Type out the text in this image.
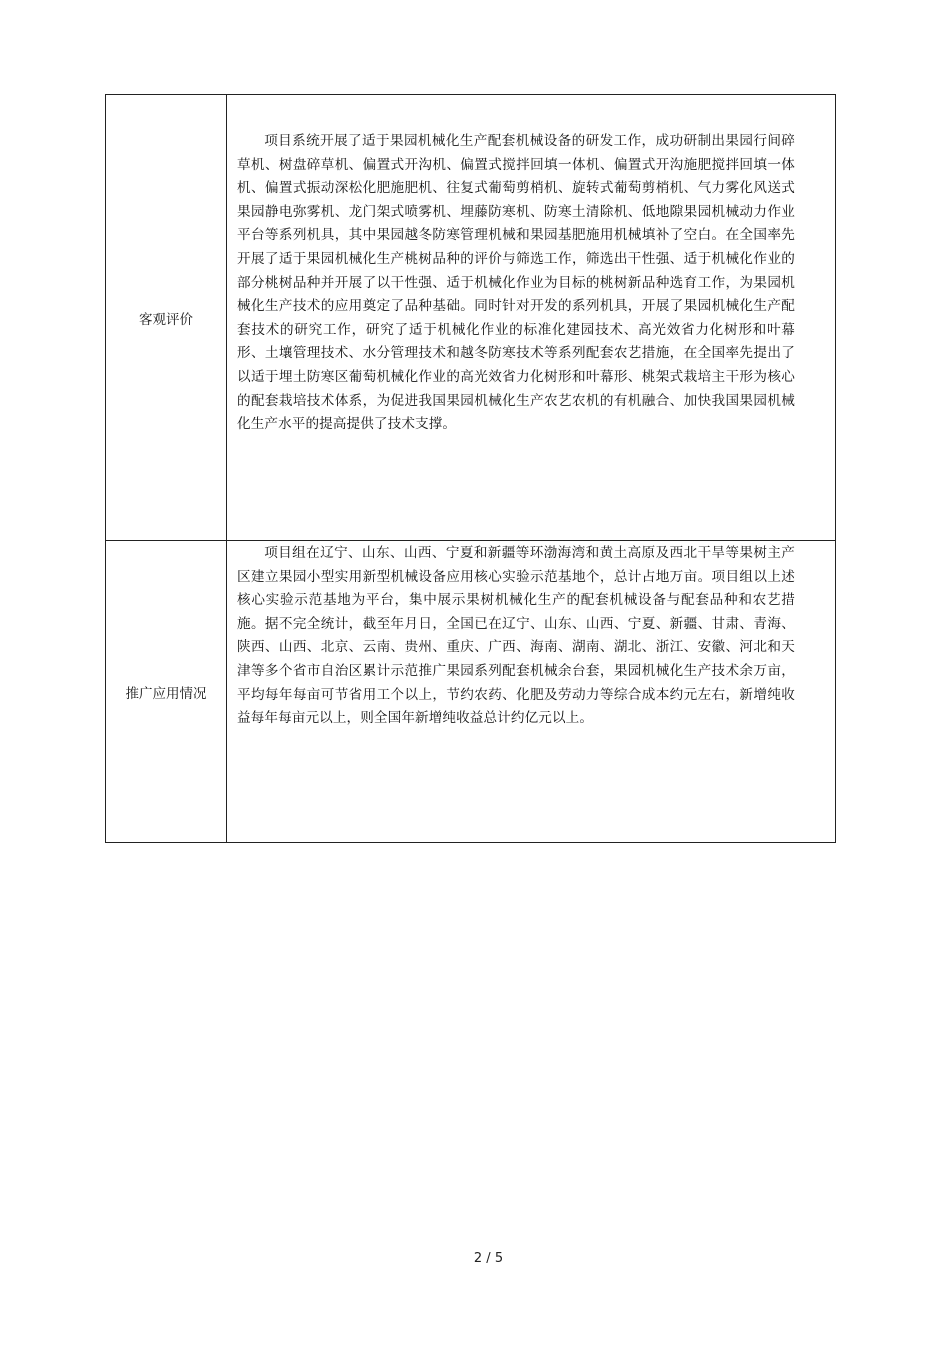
客观评价	项目系统开展了适于果园机械化生产配套机械设备的研发工作，成功研制出果园行间碎草机、树盘碎草机、偏置式开沟机、偏置式搅拌回填一体机、偏置式开沟施肥搅拌回填一体机、偏置式振动深松化肥施肥机、往复式葡萄剪梢机、旋转式葡萄剪梢机、气力雾化风送式果园静电弥雾机、龙门架式喷雾机、埋藤防寒机、防寒土清除机、低地隙果园机械动力作业平台等系列机具，其中果园越冬防寒管理机械和果园基肥施用机械填补了空白。在全国率先开展了适于果园机械化生产桃树品种的评价与筛选工作，筛选出干性强、适于机械化作业的部分桃树品种并开展了以干性强、适于机械化作业为目标的桃树新品种选育工作，为果园机械化生产技术的应用奠定了品种基础。同时针对开发的系列机具，开展了果园机械化生产配套技术的研究工作，研究了适于机械化作业的标准化建园技术、高光效省力化树形和叶幕形、土壤管理技术、水分管理技术和越冬防寒技术等系列配套农艺措施，在全国率先提出了以适于埋土防寒区葡萄机械化作业的高光效省力化树形和叶幕形、桃架式栽培主干形为核心的配套栽培技术体系，为促进我国果园机械化生产农艺农机的有机融合、加快我国果园机械化生产水平的提高提供了技术支撑。

推广应用情况	项目组在辽宁、山东、山西、宁夏和新疆等环渤海湾和黄土高原及西北干旱等果树主产区建立果园小型实用新型机械设备应用核心实验示范基地个，总计占地万亩。项目组以上述核心实验示范基地为平台，集中展示果树机械化生产的配套机械设备与配套品种和农艺措施。据不完全统计，截至年月日，全国已在辽宁、山东、山西、宁夏、新疆、甘肃、青海、陕西、山西、北京、云南、贵州、重庆、广西、海南、湖南、湖北、浙江、安徽、河北和天津等多个省市自治区累计示范推广果园系列配套机械余台套，果园机械化生产技术余万亩，平均每年每亩可节省用工个以上，节约农药、化肥及劳动力等综合成本约元左右，新增纯收益每年每亩元以上，则全国年新增纯收益总计约亿元以上。

2 / 5
